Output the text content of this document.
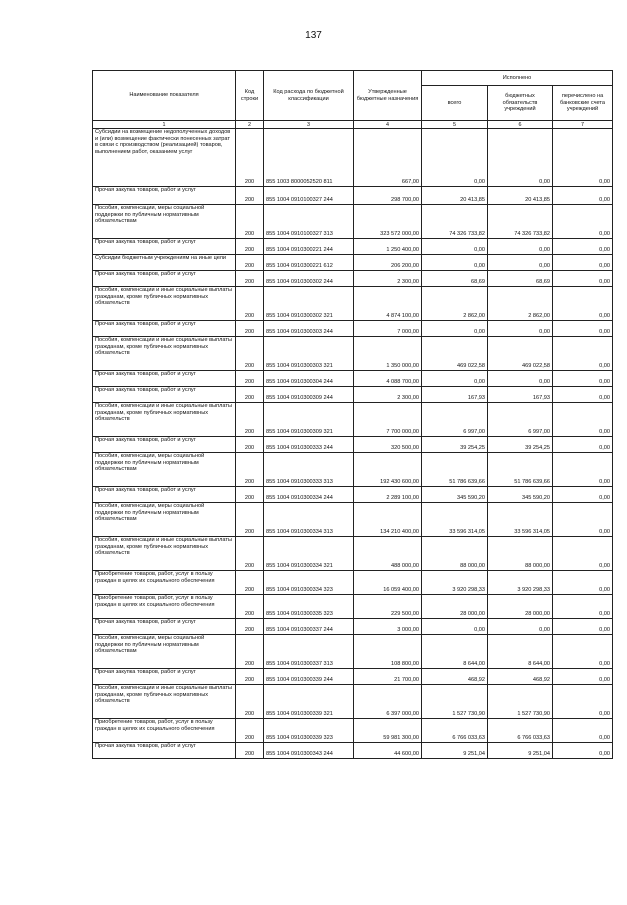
137
Наименование показателя	Код строки	Код расхода по бюджетной классификации	Утвержденные бюджетные назначения	Исполнено		
				всего	бюджетных обязательств учреждений	перечислено на банковские счета учреждений
1	2	3	4	5	6	7
Субсидии на возмещение недополученных доходов и (или) возмещение фактически понесенных затрат в связи с производством (реализацией) товаров, выполнением работ, оказанием услуг	200	855 1003 8000052520 811	667,00	0,00	0,00	0,00
Прочая закупка товаров, работ и услуг	200	855 1004 0910100327 244	298 700,00	20 413,85	20 413,85	0,00
Пособия, компенсации, меры социальной поддержки по публичным нормативным обязательствам	200	855 1004 0910100327 313	323 572 000,00	74 326 733,82	74 326 733,82	0,00
Прочая закупка товаров, работ и услуг	200	855 1004 0910300221 244	1 250 400,00	0,00	0,00	0,00
Субсидии бюджетным учреждениям на иные цели	200	855 1004 0910300221 612	206 200,00	0,00	0,00	0,00
Прочая закупка товаров, работ и услуг	200	855 1004 0910300302 244	2 300,00	68,69	68,69	0,00
Пособия, компенсации и иные социальные выплаты гражданам, кроме публичных нормативных обязательств	200	855 1004 0910300302 321	4 874 100,00	2 862,00	2 862,00	0,00
Прочая закупка товаров, работ и услуг	200	855 1004 0910300303 244	7 000,00	0,00	0,00	0,00
Пособия, компенсации и иные социальные выплаты гражданам, кроме публичных нормативных обязательств	200	855 1004 0910300303 321	1 350 000,00	469 022,58	469 022,58	0,00
Прочая закупка товаров, работ и услуг	200	855 1004 0910300304 244	4 088 700,00	0,00	0,00	0,00
Прочая закупка товаров, работ и услуг	200	855 1004 0910300309 244	2 300,00	167,93	167,93	0,00
Пособия, компенсации и иные социальные выплаты гражданам, кроме публичных нормативных обязательств	200	855 1004 0910300309 321	7 700 000,00	6 997,00	6 997,00	0,00
Прочая закупка товаров, работ и услуг	200	855 1004 0910300333 244	320 500,00	39 254,25	39 254,25	0,00
Пособия, компенсации, меры социальной поддержки по публичным нормативным обязательствам	200	855 1004 0910300333 313	192 430 600,00	51 786 639,66	51 786 639,66	0,00
Прочая закупка товаров, работ и услуг	200	855 1004 0910300334 244	2 289 100,00	345 590,20	345 590,20	0,00
Пособия, компенсации, меры социальной поддержки по публичным нормативным обязательствам	200	855 1004 0910300334 313	134 210 400,00	33 596 314,05	33 596 314,05	0,00
Пособия, компенсации и иные социальные выплаты гражданам, кроме публичных нормативных обязательств	200	855 1004 0910300334 321	488 000,00	88 000,00	88 000,00	0,00
Приобретение товаров, работ, услуг в пользу граждан в целях их социального обеспечения	200	855 1004 0910300334 323	16 059 400,00	3 920 298,33	3 920 298,33	0,00
Приобретение товаров, работ, услуг в пользу граждан в целях их социального обеспечения	200	855 1004 0910300335 323	229 500,00	28 000,00	28 000,00	0,00
Прочая закупка товаров, работ и услуг	200	855 1004 0910300337 244	3 000,00	0,00	0,00	0,00
Пособия, компенсации, меры социальной поддержки по публичным нормативным обязательствам	200	855 1004 0910300337 313	108 800,00	8 644,00	8 644,00	0,00
Прочая закупка товаров, работ и услуг	200	855 1004 0910300339 244	21 700,00	468,92	468,92	0,00
Пособия, компенсации и иные социальные выплаты гражданам, кроме публичных нормативных обязательств	200	855 1004 0910300339 321	6 397 000,00	1 527 730,90	1 527 730,90	0,00
Приобретение товаров, работ, услуг в пользу граждан в целях их социального обеспечения	200	855 1004 0910300339 323	59 981 300,00	6 766 033,63	6 766 033,63	0,00
Прочая закупка товаров, работ и услуг	200	855 1004 0910300343 244	44 600,00	9 251,04	9 251,04	0,00
